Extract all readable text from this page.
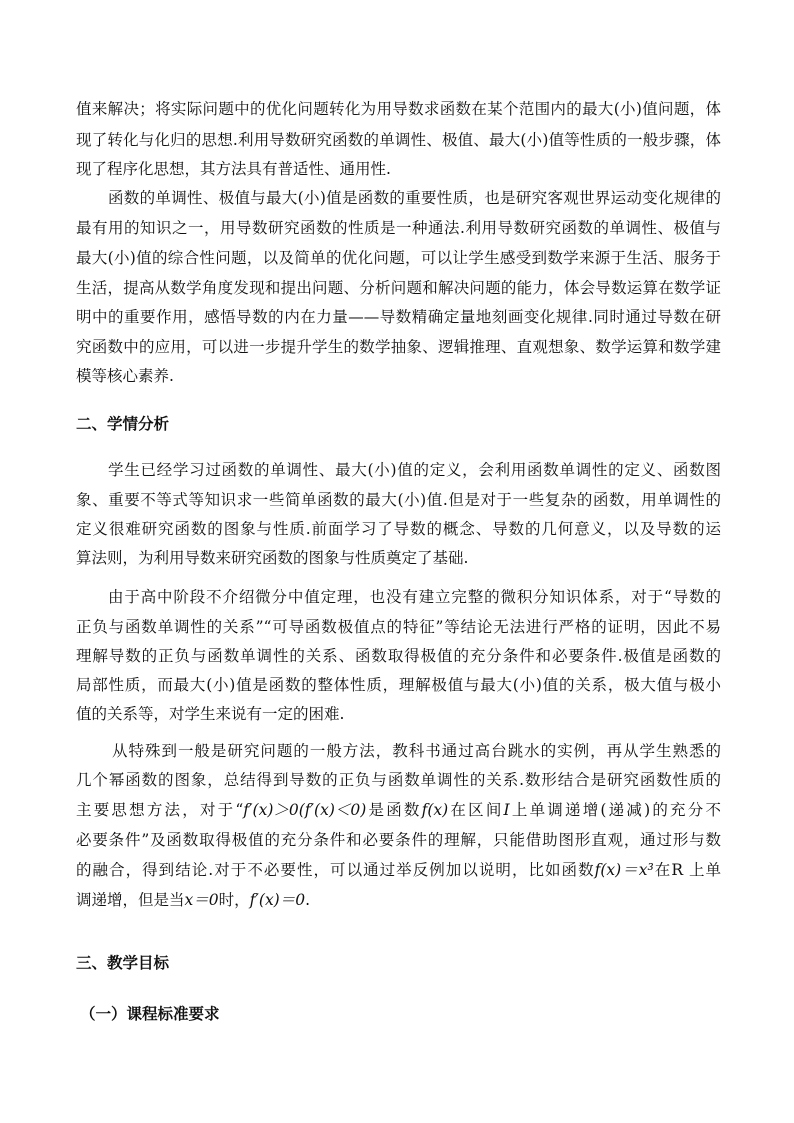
值来解决；将实际问题中的优化问题转化为用导数求函数在某个范围内的最大(小)值问题，体
现了转化与化归的思想.利用导数研究函数的单调性、极值、最大(小)值等性质的一般步骤，体
现了程序化思想，其方法具有普适性、通用性.
函数的单调性、极值与最大(小)值是函数的重要性质，也是研究客观世界运动变化规律的
最有用的知识之一，用导数研究函数的性质是一种通法.利用导数研究函数的单调性、极值与
最大(小)值的综合性问题，以及简单的优化问题，可以让学生感受到数学来源于生活、服务于
生活，提高从数学角度发现和提出问题、分析问题和解决问题的能力，体会导数运算在数学证
明中的重要作用，感悟导数的内在力量——导数精确定量地刻画变化规律.同时通过导数在研
究函数中的应用，可以进一步提升学生的数学抽象、逻辑推理、直观想象、数学运算和数学建
模等核心素养.
二、学情分析
学生已经学习过函数的单调性、最大(小)值的定义，会利用函数单调性的定义、函数图
象、重要不等式等知识求一些简单函数的最大(小)值.但是对于一些复杂的函数，用单调性的
定义很难研究函数的图象与性质.前面学习了导数的概念、导数的几何意义，以及导数的运
算法则，为利用导数来研究函数的图象与性质奠定了基础.
由于高中阶段不介绍微分中值定理，也没有建立完整的微积分知识体系，对于“导数的
正负与函数单调性的关系”“可导函数极值点的特征”等结论无法进行严格的证明，因此不易
理解导数的正负与函数单调性的关系、函数取得极值的充分条件和必要条件.极值是函数的
局部性质，而最大(小)值是函数的整体性质，理解极值与最大(小)值的关系，极大值与极小
值的关系等，对学生来说有一定的困难.
从特殊到一般是研究问题的一般方法，教科书通过高台跳水的实例，再从学生熟悉的
几个幂函数的图象，总结得到导数的正负与函数单调性的关系.数形结合是研究函数性质的
主要思想方法，对于“f′(x)＞0(f′(x)＜0)是函数f(x)在区间I上单调递增(递减)的充分不
必要条件”及函数取得极值的充分条件和必要条件的理解，只能借助图形直观，通过形与数
的融合，得到结论.对于不必要性，可以通过举反例加以说明，比如函数f(x)＝x³在R 上单
调递增，但是当x＝0时，f′(x)＝0.
三、教学目标
（一）课程标准要求
